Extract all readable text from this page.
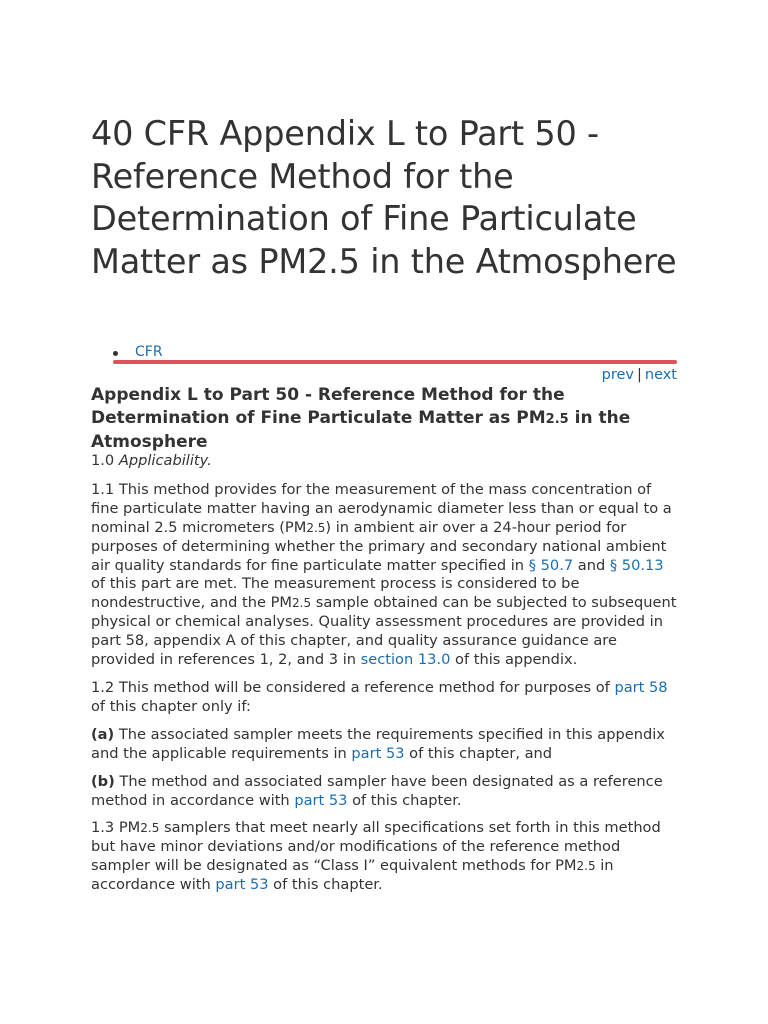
40 CFR Appendix L to Part 50 - Reference Method for the Determination of Fine Particulate Matter as PM2.5 in the Atmosphere
CFR
prev | next
Appendix L to Part 50 - Reference Method for the Determination of Fine Particulate Matter as PM2.5 in the Atmosphere

1.0 Applicability.

1.1 This method provides for the measurement of the mass concentration of fine particulate matter having an aerodynamic diameter less than or equal to a nominal 2.5 micrometers (PM2.5) in ambient air over a 24-hour period for purposes of determining whether the primary and secondary national ambient air quality standards for fine particulate matter specified in § 50.7 and § 50.13 of this part are met. The measurement process is considered to be nondestructive, and the PM2.5 sample obtained can be subjected to subsequent physical or chemical analyses. Quality assessment procedures are provided in part 58, appendix A of this chapter, and quality assurance guidance are provided in references 1, 2, and 3 in section 13.0 of this appendix.

1.2 This method will be considered a reference method for purposes of part 58 of this chapter only if:

(a) The associated sampler meets the requirements specified in this appendix and the applicable requirements in part 53 of this chapter, and

(b) The method and associated sampler have been designated as a reference method in accordance with part 53 of this chapter.

1.3 PM2.5 samplers that meet nearly all specifications set forth in this method but have minor deviations and/or modifications of the reference method sampler will be designated as “Class I” equivalent methods for PM2.5 in accordance with part 53 of this chapter.
